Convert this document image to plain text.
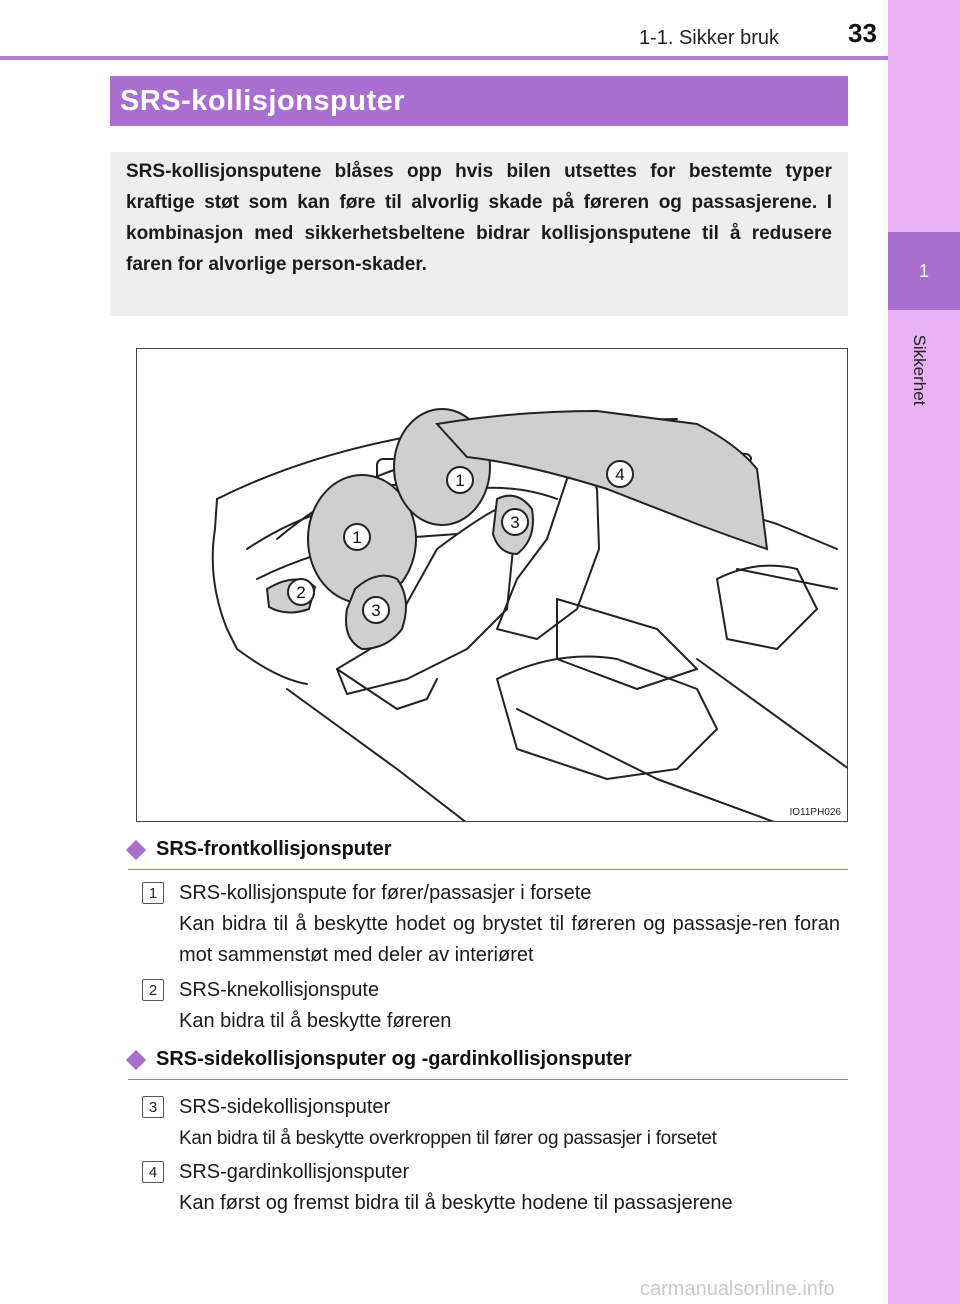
1-1. Sikker bruk	33
1
Sikkerhet
SRS-kollisjonsputer

SRS-kollisjonsputene blåses opp hvis bilen utsettes for bestemte typer kraftige støt som kan føre til alvorlig skade på føreren og passasjerene. I kombinasjon med sikkerhetsbeltene bidrar kollisjonsputene til å redusere faren for alvorlige person-skader.

1
1
2
3
3
4
IO11PH026
SRS-frontkollisjonsputer
1	SRS-kollisjonspute for fører/passasjer i forsete
Kan bidra til å beskytte hodet og brystet til føreren og passasje-ren foran mot sammenstøt med deler av interiøret
2	SRS-knekollisjonspute
Kan bidra til å beskytte føreren
SRS-sidekollisjonsputer og -gardinkollisjonsputer
3	SRS-sidekollisjonsputer
Kan bidra til å beskytte overkroppen til fører og passasjer i forsetet
4	SRS-gardinkollisjonsputer
Kan først og fremst bidra til å beskytte hodene til passasjerene
carmanualsonline.info
